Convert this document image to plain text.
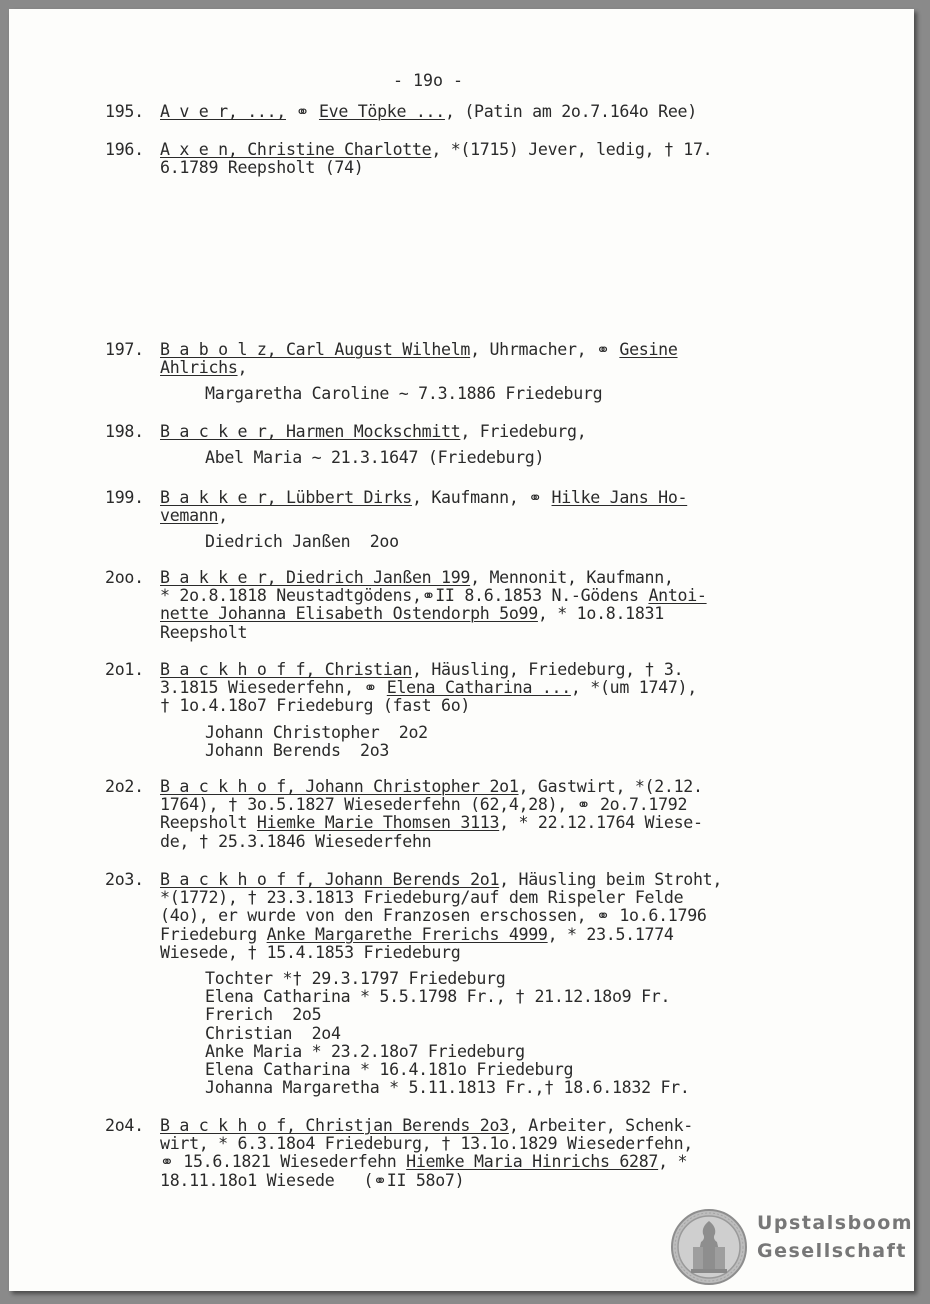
- 19o -
195. A v e r, ..., ⚭ Eve Töpke ..., (Patin am 2o.7.164o Ree)
196. A x e n, Christine Charlotte, *(1715) Jever, ledig, † 17.
6.1789 Reepsholt (74)
197. B a b o l z, Carl August Wilhelm, Uhrmacher, ⚭ Gesine
Ahlrichs,
Margaretha Caroline ~ 7.3.1886 Friedeburg
198. B a c k e r, Harmen Mockschmitt, Friedeburg,
Abel Maria ~ 21.3.1647 (Friedeburg)
199. B a k k e r, Lübbert Dirks, Kaufmann, ⚭ Hilke Jans Ho-
vemann,
Diedrich Janßen  2oo
2oo. B a k k e r, Diedrich Janßen 199, Mennonit, Kaufmann,
* 2o.8.1818 Neustadtgödens,⚭II 8.6.1853 N.-Gödens Antoi-
nette Johanna Elisabeth Ostendorph 5o99, * 1o.8.1831
Reepsholt
2o1. B a c k h o f f, Christian, Häusling, Friedeburg, † 3.
3.1815 Wiesederfehn, ⚭ Elena Catharina ..., *(um 1747),
† 1o.4.18o7 Friedeburg (fast 6o)
Johann Christopher  2o2
Johann Berends  2o3
2o2. B a c k h o f, Johann Christopher 2o1, Gastwirt, *(2.12.
1764), † 3o.5.1827 Wiesederfehn (62,4,28), ⚭ 2o.7.1792
Reepsholt Hiemke Marie Thomsen 3113, * 22.12.1764 Wiese-
de, † 25.3.1846 Wiesederfehn
2o3. B a c k h o f f, Johann Berends 2o1, Häusling beim Stroht,
*(1772), † 23.3.1813 Friedeburg/auf dem Rispeler Felde
(4o), er wurde von den Franzosen erschossen, ⚭ 1o.6.1796
Friedeburg Anke Margarethe Frerichs 4999, * 23.5.1774
Wiesede, † 15.4.1853 Friedeburg
Tochter *† 29.3.1797 Friedeburg
Elena Catharina * 5.5.1798 Fr., † 21.12.18o9 Fr.
Frerich  2o5
Christian  2o4
Anke Maria * 23.2.18o7 Friedeburg
Elena Catharina * 16.4.181o Friedeburg
Johanna Margaretha * 5.11.1813 Fr.,† 18.6.1832 Fr.
2o4. B a c k h o f, Christjan Berends 2o3, Arbeiter, Schenk-
wirt, * 6.3.18o4 Friedeburg, † 13.1o.1829 Wiesederfehn,
⚭ 15.6.1821 Wiesederfehn Hiemke Maria Hinrichs 6287, *
18.11.18o1 Wiesede   (⚭II 58o7)
Upstalsboom
Gesellschaft
